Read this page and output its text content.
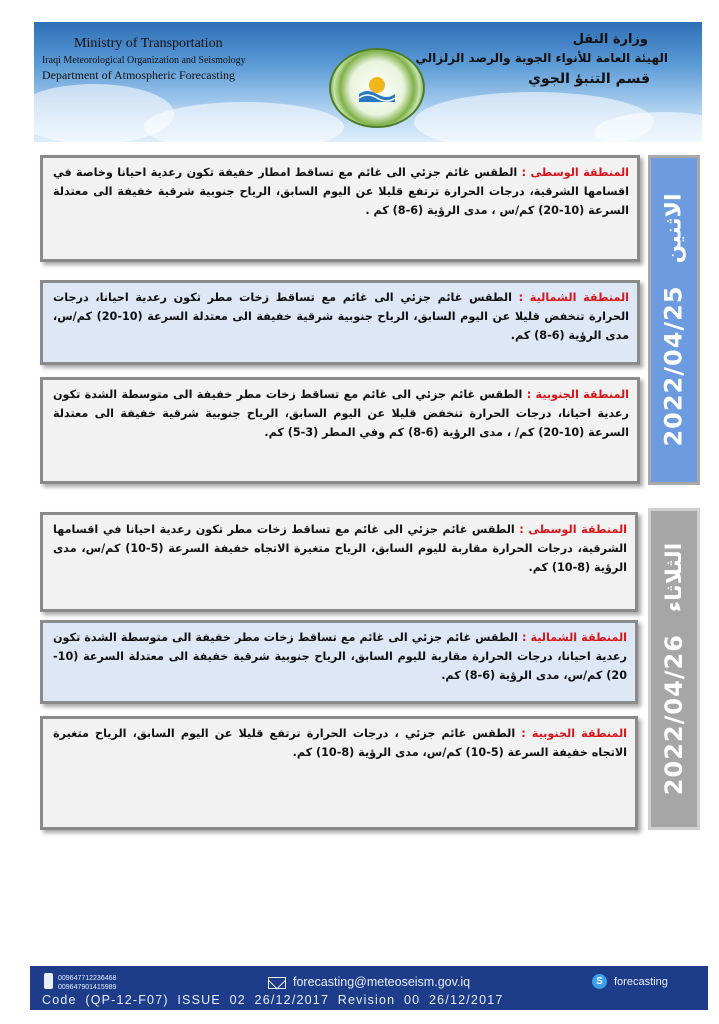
Ministry of Transportation
Iraqi Meteorological Organization and Seismology
Department of Atmospheric Forecasting
وزارة النقل
الهيئة العامة للأنواء الجوية والرصد الزلزالي
قسم التنبؤ الجوي
2022/04/25
الاثنين
المنطقة الوسطى : الطقس غائم جزئي الى غائم مع تساقط امطار خفيفة تكون رعدية احيانا وخاصة في اقسامها الشرقية، درجات الحرارة ترتفع قليلا عن اليوم السابق، الرياح جنوبية شرقية خفيفة الى معتدلة السرعة (10-20) كم/س ، مدى الرؤية (6-8) كم .
المنطقة الشمالية : الطقس غائم جزئي الى غائم مع تساقط زخات مطر تكون رعدية احيانا، درجات الحرارة تنخفض قليلا عن اليوم السابق، الرياح جنوبية شرقية خفيفة الى معتدلة السرعة (10-20) كم/س، مدى الرؤية (6-8) كم.
المنطقة الجنوبية : الطقس غائم جزئي الى غائم مع تساقط زخات مطر خفيفة الى متوسطة الشدة تكون رعدية احيانا، درجات الحرارة تنخفض قليلا عن اليوم السابق، الرياح جنوبية شرقية خفيفة الى معتدلة السرعة (10-20) كم/ ، مدى الرؤية (6-8) كم وفي المطر (3-5) كم.
2022/04/26
الثلاثاء
المنطقة الوسطى : الطقس غائم جزئي الى غائم مع تساقط زخات مطر تكون رعدية احيانا في اقسامها الشرقية، درجات الحرارة مقاربة لليوم السابق، الرياح متغيرة الاتجاه خفيفة السرعة (5-10) كم/س، مدى الرؤية (8-10) كم.
المنطقة الشمالية : الطقس غائم جزئي الى غائم مع تساقط زخات مطر خفيفة الى متوسطة الشدة تكون رعدية احيانا، درجات الحرارة مقاربة لليوم السابق، الرياح جنوبية شرقية خفيفة الى معتدلة السرعة (10-20) كم/س، مدى الرؤية (6-8) كم.
المنطقة الجنوبية : الطقس غائم جزئي ، درجات الحرارة ترتفع قليلا عن اليوم السابق، الرياح متغيرة الاتجاه خفيفة السرعة (5-10) كم/س، مدى الرؤية (8-10) كم.
009647712236468
009647901415989	forecasting@meteoseism.gov.iq	S	forecasting
Code (QP-12-F07) ISSUE 02 26/12/2017 Revision 00 26/12/2017
